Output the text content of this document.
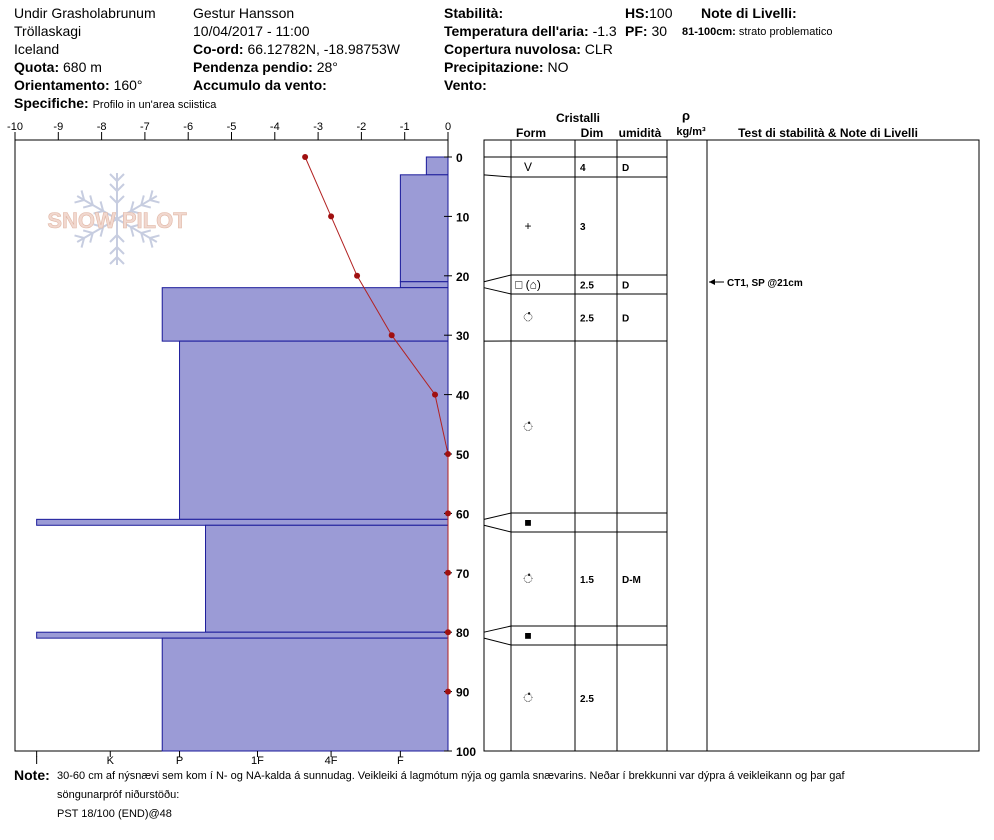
Undir Grasholabrunum
Tröllaskagi
Iceland
Quota: 680 m
Orientamento: 160°
Specifiche: Profilo in un'area sciistica
Gestur Hansson
10/04/2017 - 11:00
Co-ord: 66.12782N, -18.98753W
Pendenza pendio: 28°
Accumulo da vento:
Stabilità:
Temperatura dell'aria: -1.3
Copertura nuvolosa: CLR
Precipitazione: NO
Vento:
HS:100
PF: 30
Note di Livelli:
81-100cm: strato problematico
SNOW PILOT
-10	-9	-8	-7	-6	-5	-4	-3	-2	-1	0
I	K	P	1F	4F	F
0
10
20
30
40
50
60
70
80
90
100
Cristalli
Form	Dim umidità
ρ
kg/m³	Test di stabilità & Note di Livelli
V	4	D
+	3
□ (⌂)	2.5	D
ഀ	2.5	D
ഀ
■
ഀ	1.5	D-M
■
ഀ	2.5
CT1, SP @21cm
Note: 30-60 cm af nýsnævi sem kom í N- og NA-kalda á sunnudag. Veikleiki á lagmótum nýja og gamla snævarins. Neðar í brekkunni var dýpra á veikleikann og þar gaf
söngunarpróf niðurstöðu:
PST 18/100 (END)@48
